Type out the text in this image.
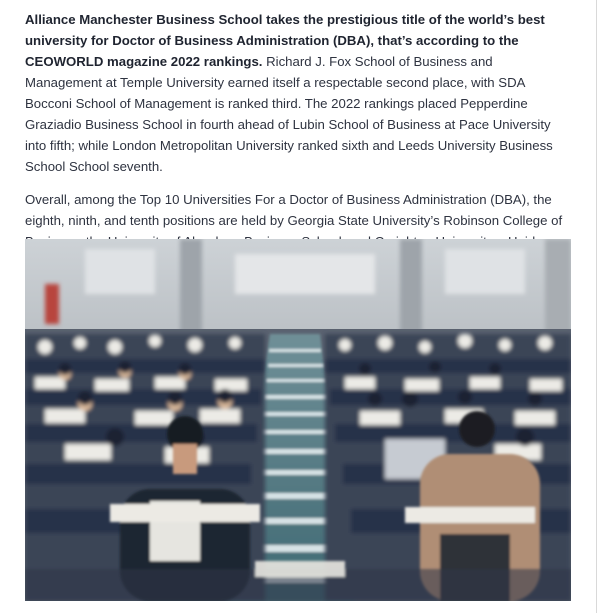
Alliance Manchester Business School takes the prestigious title of the world’s best university for Doctor of Business Administration (DBA), that’s according to the CEOWORLD magazine 2022 rankings. Richard J. Fox School of Business and Management at Temple University earned itself a respectable second place, with SDA Bocconi School of Management is ranked third. The 2022 rankings placed Pepperdine Graziadio Business School in fourth ahead of Lubin School of Business at Pace University into fifth; while London Metropolitan University ranked sixth and Leeds University Business School School seventh.

Overall, among the Top 10 Universities For a Doctor of Business Administration (DBA), the eighth, ninth, and tenth positions are held by Georgia State University’s Robinson College of
